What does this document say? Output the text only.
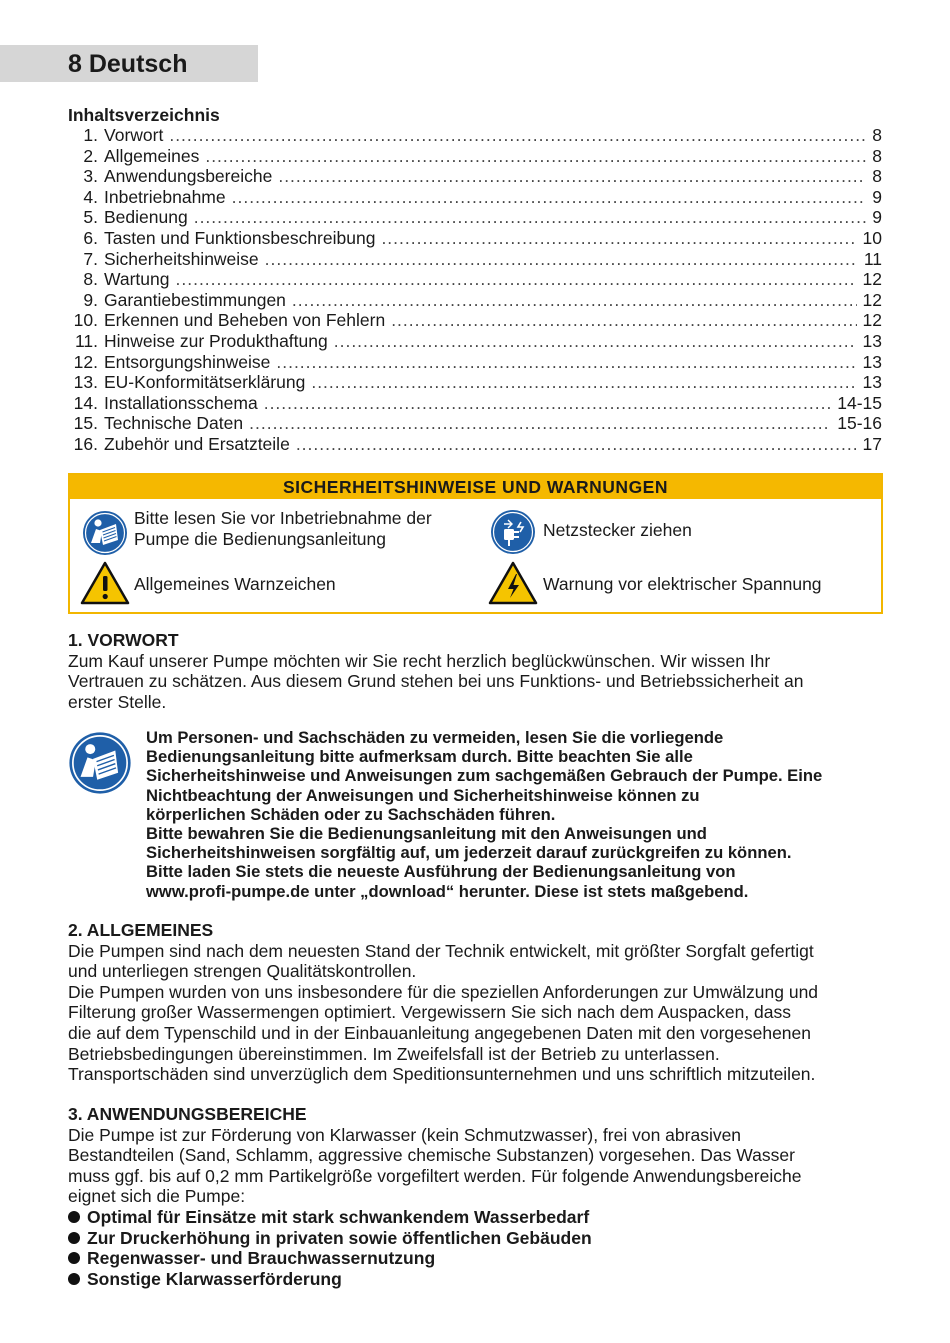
8 Deutsch
Inhaltsverzeichnis
1. Vorwort .....	8
2. Allgemeines .....	8
3. Anwendungsbereiche .....	8
4. Inbetriebnahme .....	9
5. Bedienung .....	9
6. Tasten und Funktionsbeschreibung .....	10
7. Sicherheitshinweise .....	11
8. Wartung .....	12
9. Garantiebestimmungen .....	12
10. Erkennen und Beheben von Fehlern .....	12
11. Hinweise zur Produkthaftung .....	13
12. Entsorgungshinweise .....	13
13. EU-Konformitätserklärung .....	13
14. Installationsschema .....	14-15
15. Technische Daten .....	15-16
16. Zubehör und Ersatzteile .....	17
SICHERHEITSHINWEISE UND WARNUNGEN
Bitte lesen Sie vor Inbetriebnahme der
Pumpe die Bedienungsanleitung	Netzstecker ziehen
Allgemeines Warnzeichen	Warnung vor elektrischer Spannung
1. VORWORT
Zum Kauf unserer Pumpe möchten wir Sie recht herzlich beglückwünschen. Wir wissen Ihr
Vertrauen zu schätzen. Aus diesem Grund stehen bei uns Funktions- und Betriebssicherheit an
erster Stelle.
Um Personen- und Sachschäden zu vermeiden, lesen Sie die vorliegende
Bedienungsanleitung bitte aufmerksam durch. Bitte beachten Sie alle
Sicherheitshinweise und Anweisungen zum sachgemäßen Gebrauch der Pumpe. Eine
Nichtbeachtung der Anweisungen und Sicherheitshinweise können zu
körperlichen Schäden oder zu Sachschäden führen.
Bitte bewahren Sie die Bedienungsanleitung mit den Anweisungen und
Sicherheitshinweisen sorgfältig auf, um jederzeit darauf zurückgreifen zu können.
Bitte laden Sie stets die neueste Ausführung der Bedienungsanleitung von
www.profi-pumpe.de unter „download“ herunter. Diese ist stets maßgebend.
2. ALLGEMEINES
Die Pumpen sind nach dem neuesten Stand der Technik entwickelt, mit größter Sorgfalt gefertigt
und unterliegen strengen Qualitätskontrollen.
Die Pumpen wurden von uns insbesondere für die speziellen Anforderungen zur Umwälzung und
Filterung großer Wassermengen optimiert. Vergewissern Sie sich nach dem Auspacken, dass
die auf dem Typenschild und in der Einbauanleitung angegebenen Daten mit den vorgesehenen
Betriebsbedingungen übereinstimmen. Im Zweifelsfall ist der Betrieb zu unterlassen.
Transportschäden sind unverzüglich dem Speditionsunternehmen und uns schriftlich mitzuteilen.
3. ANWENDUNGSBEREICHE
Die Pumpe ist zur Förderung von Klarwasser (kein Schmutzwasser), frei von abrasiven
Bestandteilen (Sand, Schlamm, aggressive chemische Substanzen) vorgesehen. Das Wasser
muss ggf. bis auf 0,2 mm Partikelgröße vorgefiltert werden. Für folgende Anwendungsbereiche
eignet sich die Pumpe:
Optimal für Einsätze mit stark schwankendem Wasserbedarf
Zur Druckerhöhung in privaten sowie öffentlichen Gebäuden
Regenwasser- und Brauchwassernutzung
Sonstige Klarwasserförderung
